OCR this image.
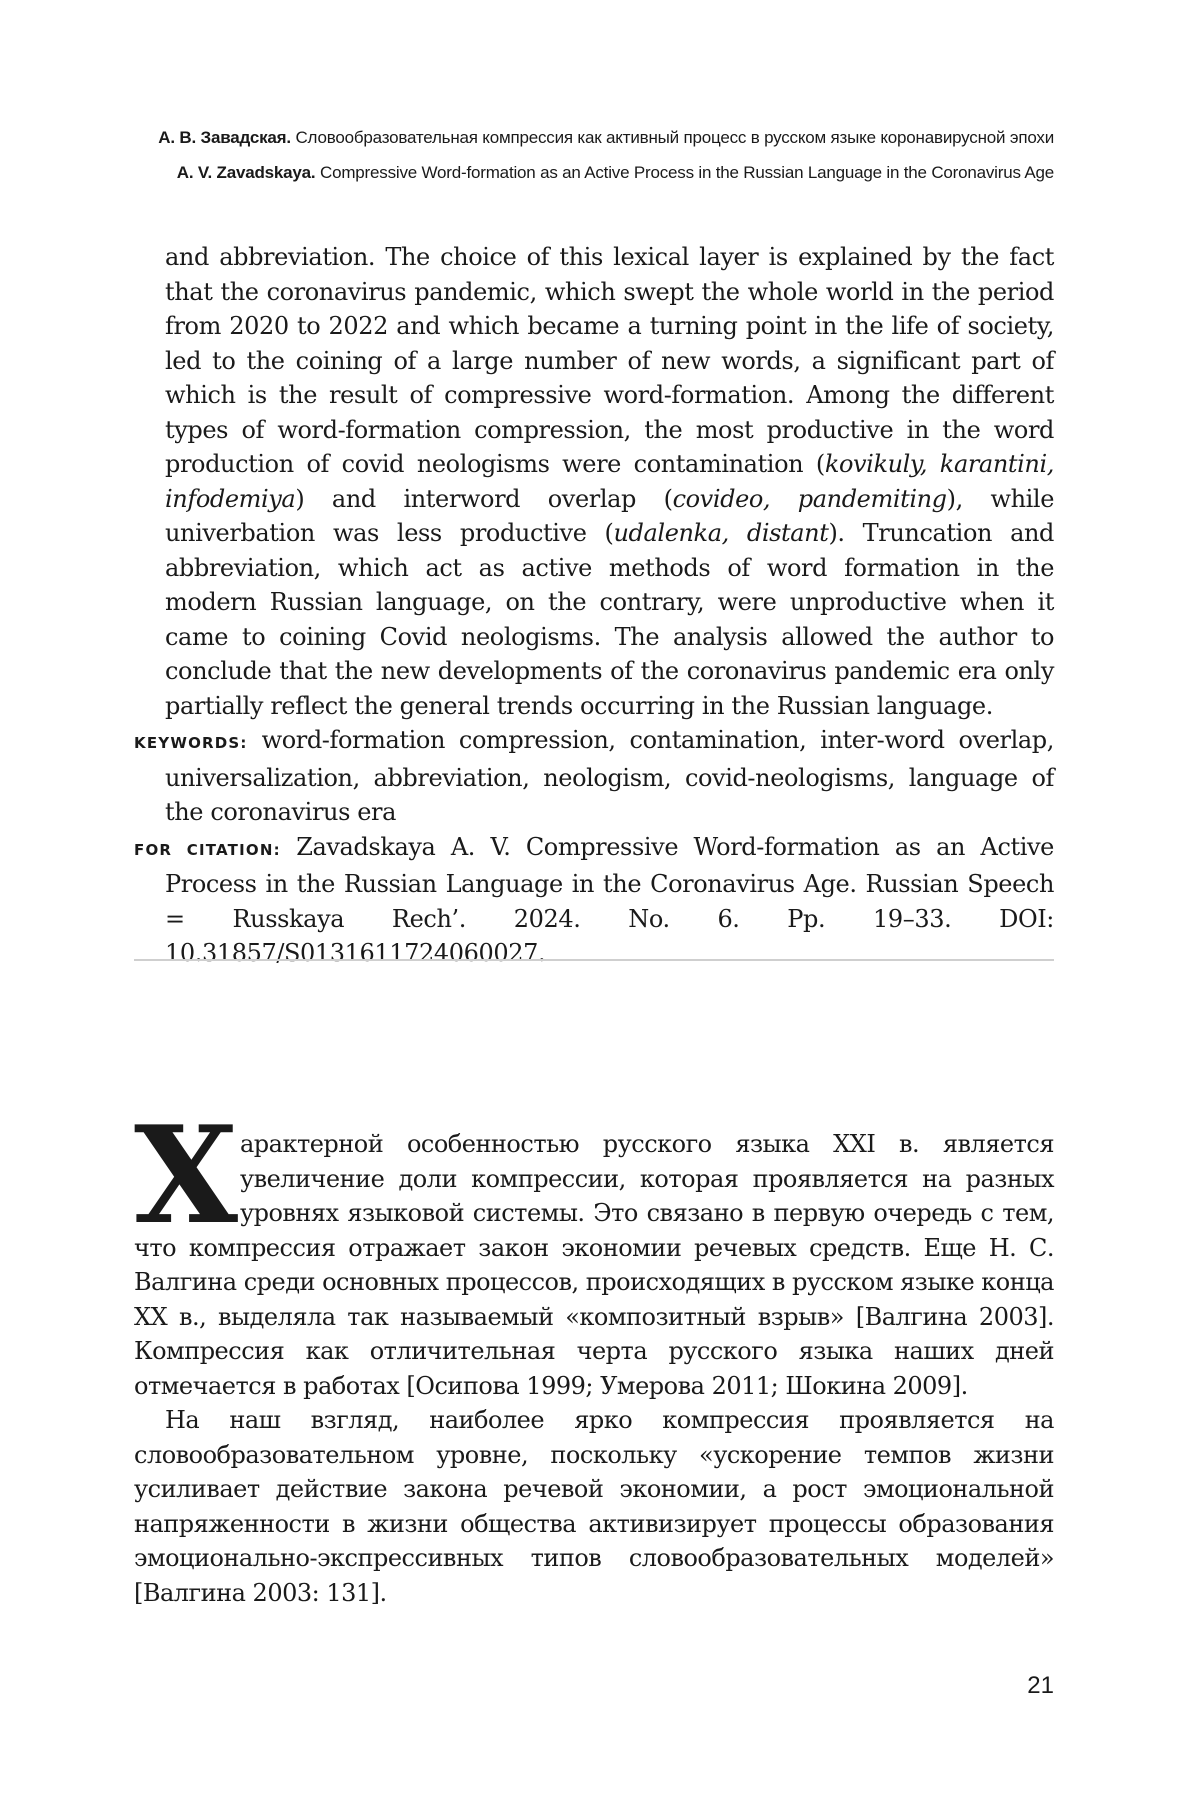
А. В. Завадская. Словообразовательная компрессия как активный процесс в русском языке коронавирусной эпохи
A. V. Zavadskaya. Compressive Word-formation as an Active Process in the Russian Language in the Coronavirus Age

and abbreviation. The choice of this lexical layer is explained by the fact that the coronavirus pandemic, which swept the whole world in the period from 2020 to 2022 and which became a turning point in the life of society, led to the coining of a large number of new words, a significant part of which is the result of compressive word-formation. Among the different types of word-formation compression, the most productive in the word production of covid neologisms were contamination (kovikuly, karantini, infodemiya) and interword overlap (covideo, pandemiting), while univerbation was less productive (udalenka, distant). Truncation and abbreviation, which act as active methods of word formation in the modern Russian language, on the contrary, were unproductive when it came to coining Covid neologisms. The analysis allowed the author to conclude that the new developments of the coronavirus pandemic era only partially reflect the general trends occurring in the Russian language.

KEYWORDS: word-formation compression, contamination, inter-word overlap, universalization, abbreviation, neologism, covid-neologisms, language of the coronavirus era

FOR CITATION: Zavadskaya A. V. Compressive Word-formation as an Active Process in the Russian Language in the Coronavirus Age. Russian Speech = Russkaya Rech’. 2024. No. 6. Pp. 19–33. DOI: 10.31857/S0131611724060027.

Характерной особенностью русского языка XXI в. является увеличение доли компрессии, которая проявляется на разных уровнях языковой системы. Это связано в первую очередь с тем, что компрессия отражает закон экономии речевых средств. Еще Н. С. Валгина среди основных процессов, происходящих в русском языке конца XX в., выделяла так называемый «композитный взрыв» [Валгина 2003]. Компрессия как отличительная черта русского языка наших дней отмечается в работах [Осипова 1999; Умерова 2011; Шокина 2009].

На наш взгляд, наиболее ярко компрессия проявляется на словообразовательном уровне, поскольку «ускорение темпов жизни усиливает действие закона речевой экономии, а рост эмоциональной напряженности в жизни общества активизирует процессы образования эмоционально-экспрессивных типов словообразовательных моделей» [Валгина 2003: 131].

21
